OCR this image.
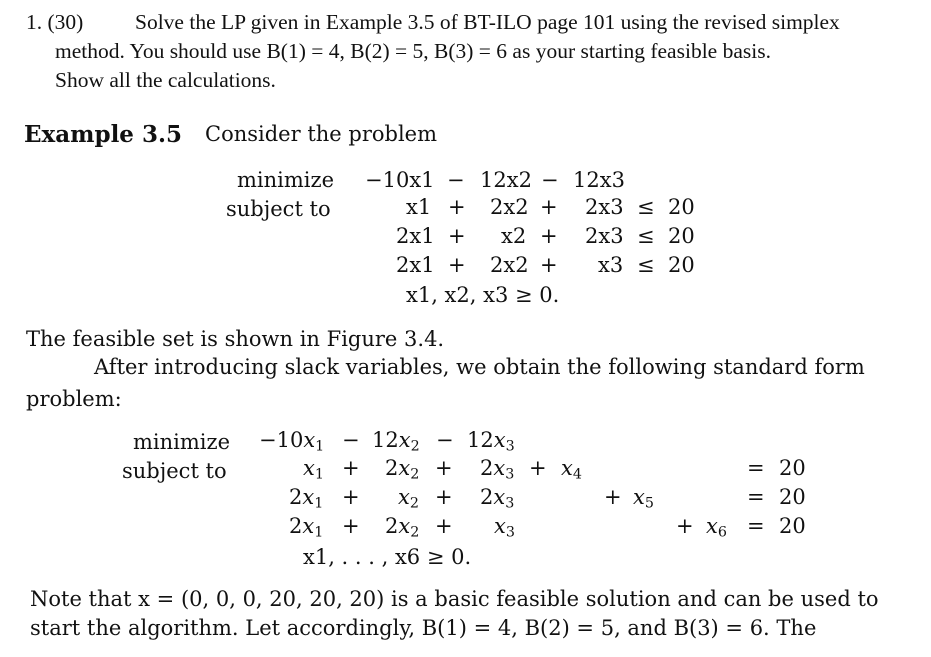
1. (30) Solve the LP given in Example 3.5 of BT-ILO page 101 using the revised simplex
method. You should use B(1) = 4, B(2) = 5, B(3) = 6 as your starting feasible basis.
Show all the calculations.
Example 3.5 Consider the problem
minimize
subject to
−10x1 − 12x2 − 12x3
x1 + 2x2 + 2x3 ≤ 20
2x1 + x2 + 2x3 ≤ 20
2x1 + 2x2 + x3 ≤ 20
x1, x2, x3 ≥ 0.
The feasible set is shown in Figure 3.4.
After introducing slack variables, we obtain the following standard form
problem:
minimize
subject to
$-10x_1 - 12x_2 - 12x_3$
$x_1 + 2x_2 + 2x_3 + x_4$	= 20
$2x_1 + x_2 + 2x_3$	+ $x_5$	= 20
$2x_1 + 2x_2 + x_3$	+ $x_6 = 20$
x1, . . . , x6 ≥ 0.
Note that x = (0, 0, 0, 20, 20, 20) is a basic feasible solution and can be used to
start the algorithm. Let accordingly, B(1) = 4, B(2) = 5, and B(3) = 6. The
